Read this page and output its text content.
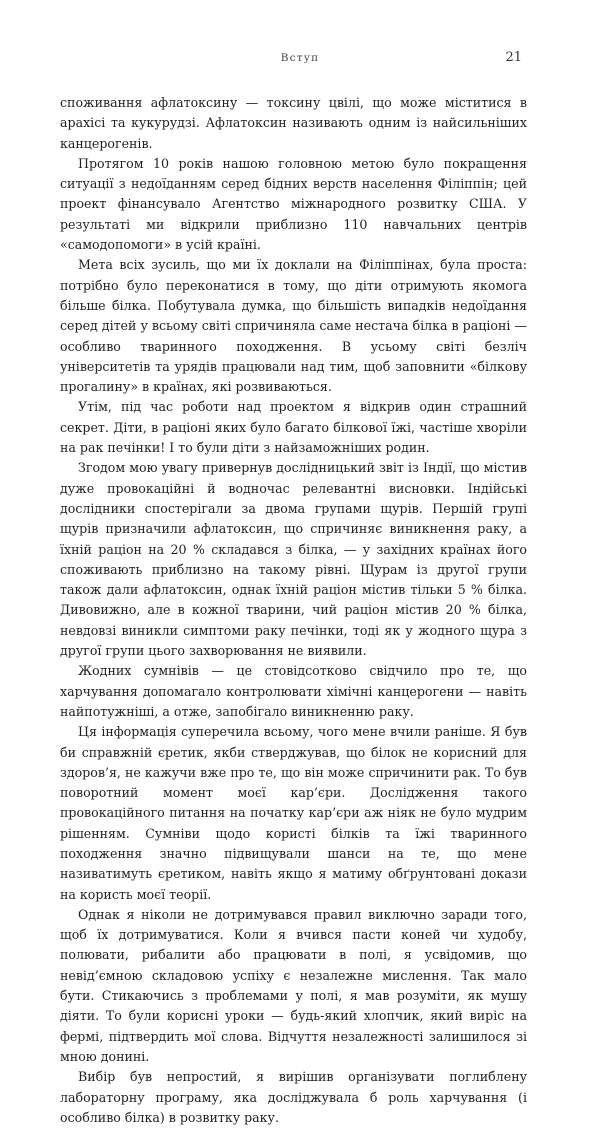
Вступ	21

споживання афлатоксину — токсину цвілі, що може міститися в арахісі та кукурудзі. Афлатоксин називають одним із найсильніших канцерогенів.

Протягом 10 років нашою головною метою було покращення ситуації з недоїданням серед бідних верств населення Філіппін; цей проект фінансувало Агентство міжнародного розвитку США. У результаті ми відкрили приблизно 110 навчальних центрів «самодопомоги» в усій країні.

Мета всіх зусиль, що ми їх доклали на Філіппінах, була проста: потрібно було переконатися в тому, що діти отримують якомога більше білка. Побутувала думка, що більшість випадків недоїдання серед дітей у всьому світі спричиняла саме нестача білка в раціоні — особливо тваринного походження. В усьому світі безліч університетів та урядів працювали над тим, щоб заповнити «білкову прогалину» в країнах, які розвиваються.

Утім, під час роботи над проектом я відкрив один страшний секрет. Діти, в раціоні яких було багато білкової їжі, частіше хворіли на рак печінки! І то були діти з найзаможніших родин.

Згодом мою увагу привернув дослідницький звіт із Індії, що містив дуже провокаційні й водночас релевантні висновки. Індійські дослідники спостерігали за двома групами щурів. Першій групі щурів призначили афлатоксин, що спричиняє виникнення раку, а їхній раціон на 20 % складався з білка, — у західних країнах його споживають приблизно на такому рівні. Щурам із другої групи також дали афлатоксин, однак їхній раціон містив тільки 5 % білка. Дивовижно, але в кожної тварини, чий раціон містив 20 % білка, невдовзі виникли симптоми раку печінки, тоді як у жодного щура з другої групи цього захворювання не виявили.

Жодних сумнівів — це стовідсотково свідчило про те, що харчування допомагало контролювати хімічні канцерогени — навіть найпотужніші, а отже, запобігало виникненню раку.

Ця інформація суперечила всьому, чого мене вчили раніше. Я був би справжній єретик, якби стверджував, що білок не корисний для здоров’я, не кажучи вже про те, що він може спричинити рак. То був поворотний момент моєї кар’єри. Дослідження такого провокаційного питання на початку кар’єри аж ніяк не було мудрим рішенням. Сумніви щодо користі білків та їжі тваринного походження значно підвищували шанси на те, що мене називатимуть єретиком, навіть якщо я матиму обґрунтовані докази на користь моєї теорії.

Однак я ніколи не дотримувався правил виключно заради того, щоб їх дотримуватися. Коли я вчився пасти коней чи худобу, полювати, рибалити або працювати в полі, я усвідомив, що невід’ємною складовою успіху є незалежне мислення. Так мало бути. Стикаючись з проблемами у полі, я мав розуміти, як мушу діяти. То були корисні уроки — будь-який хлопчик, який виріс на фермі, підтвердить мої слова. Відчуття незалежності залишилося зі мною донині.

Вибір був непростий, я вирішив організувати поглиблену лабораторну програму, яка досліджувала б роль харчування (і особливо білка) в розвитку раку.
